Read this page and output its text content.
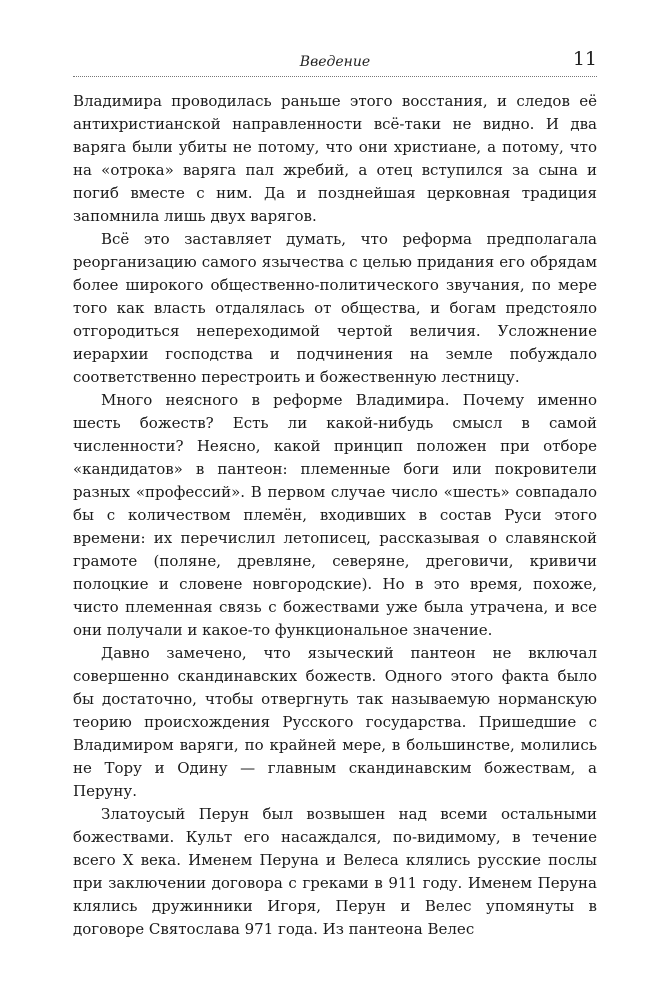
Введение	11

Владимира проводилась раньше этого восстания, и следов её антихристианской направленности всё-таки не видно. И два варяга были убиты не потому, что они христиане, а потому, что на «отрока» варяга пал жребий, а отец вступился за сына и погиб вместе с ним. Да и позднейшая церковная традиция запомнила лишь двух варягов.

Всё это заставляет думать, что реформа предполагала реорганизацию самого язычества с целью придания его обрядам более широкого общественно-политического звучания, по мере того как власть отдалялась от общества, и богам предстояло отгородиться непереходимой чертой величия. Усложнение иерархии господства и подчинения на земле побуждало соответственно перестроить и божественную лестницу.

Много неясного в реформе Владимира. Почему именно шесть божеств? Есть ли какой-нибудь смысл в самой численности? Неясно, какой принцип положен при отборе «кандидатов» в пантеон: племенные боги или покровители разных «профессий». В первом случае число «шесть» совпадало бы с количеством племён, входивших в состав Руси этого времени: их перечислил летописец, рассказывая о славянской грамоте (поляне, древляне, северяне, дреговичи, кривичи полоцкие и словене новгородские). Но в это время, похоже, чисто племенная связь с божествами уже была утрачена, и все они получали и какое-то функциональное значение.

Давно замечено, что языческий пантеон не включал совершенно скандинавских божеств. Одного этого факта было бы достаточно, чтобы отвергнуть так называемую норманскую теорию происхождения Русского государства. Пришедшие с Владимиром варяги, по крайней мере, в большинстве, молились не Тору и Одину — главным скандинавским божествам, а Перуну.

Златоусый Перун был возвышен над всеми остальными божествами. Культ его насаждался, по-видимому, в течение всего X века. Именем Перуна и Велеса клялись русские послы при заключении договора с греками в 911 году. Именем Перуна клялись дружинники Игоря, Перун и Велес упомянуты в договоре Святослава 971 года. Из пантеона Велес
